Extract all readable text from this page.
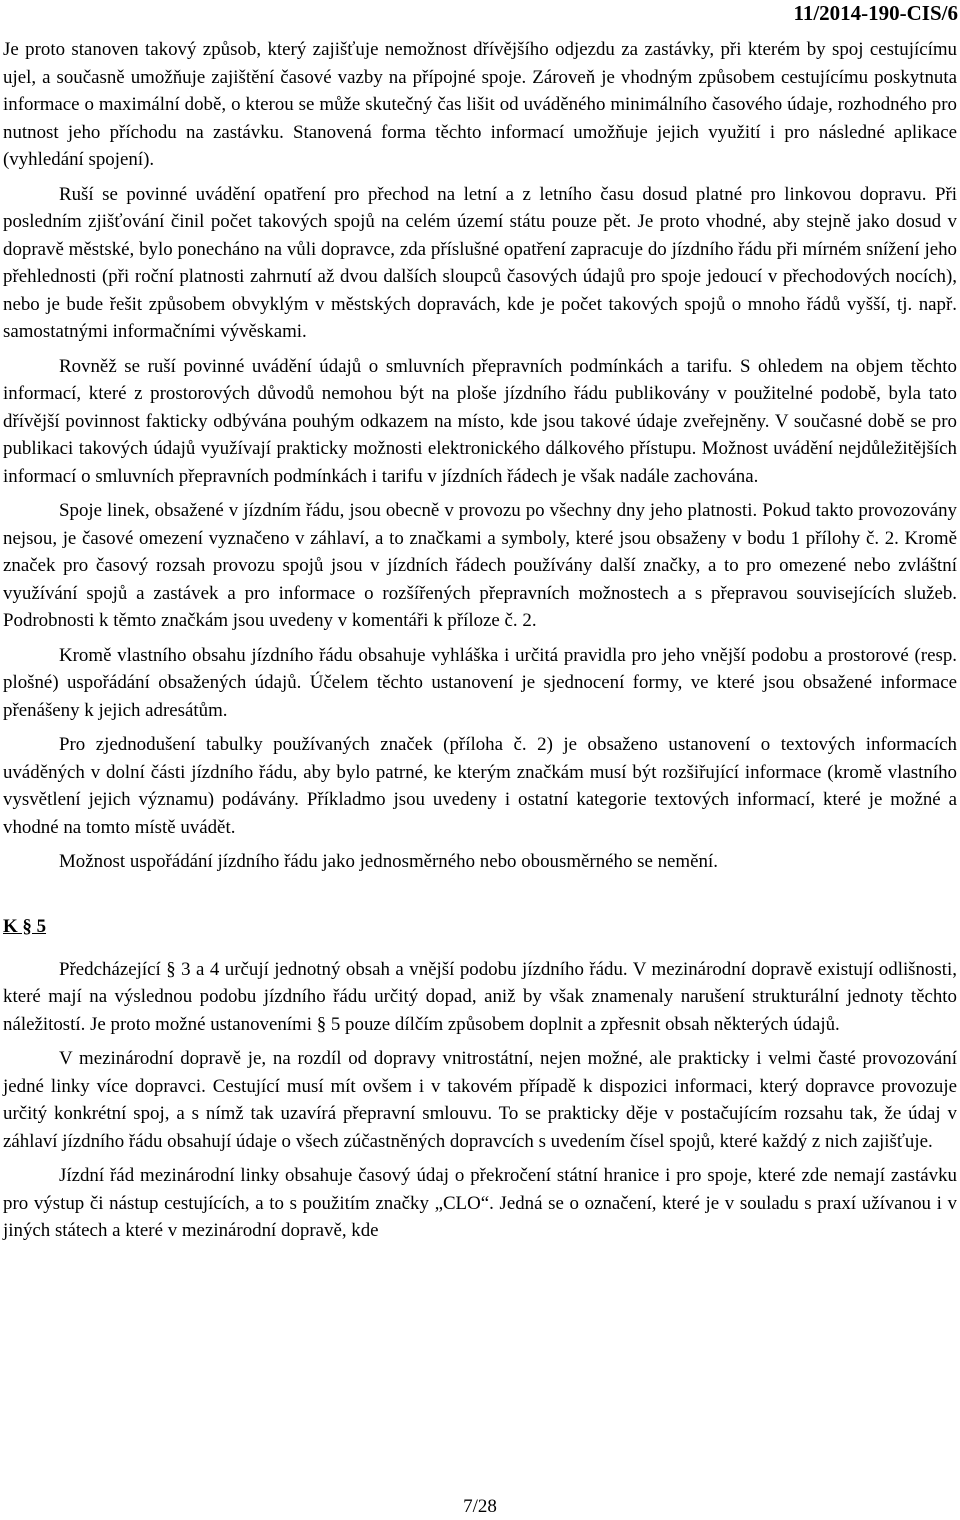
11/2014-190-CIS/6

Je proto stanoven takový způsob, který zajišťuje nemožnost dřívějšího odjezdu za zastávky, při kterém by spoj cestujícímu ujel, a současně umožňuje zajištění časové vazby na přípojné spoje. Zároveň je vhodným způsobem cestujícímu poskytnuta informace o maximální době, o kterou se může skutečný čas lišit od uváděného minimálního časového údaje, rozhodného pro nutnost jeho příchodu na zastávku. Stanovená forma těchto informací umožňuje jejich využití i pro následné aplikace (vyhledání spojení).

Ruší se povinné uvádění opatření pro přechod na letní a z letního času dosud platné pro linkovou dopravu. Při posledním zjišťování činil počet takových spojů na celém území státu pouze pět. Je proto vhodné, aby stejně jako dosud v dopravě městské, bylo ponecháno na vůli dopravce, zda příslušné opatření zapracuje do jízdního řádu při mírném snížení jeho přehlednosti (při roční platnosti zahrnutí až dvou dalších sloupců časových údajů pro spoje jedoucí v přechodových nocích), nebo je bude řešit způsobem obvyklým v městských dopravách, kde je počet takových spojů o mnoho řádů vyšší, tj. např. samostatnými informačními vývěskami.

Rovněž se ruší povinné uvádění údajů o smluvních přepravních podmínkách a tarifu. S ohledem na objem těchto informací, které z prostorových důvodů nemohou být na ploše jízdního řádu publikovány v použitelné podobě, byla tato dřívější povinnost fakticky odbývána pouhým odkazem na místo, kde jsou takové údaje zveřejněny. V současné době se pro publikaci takových údajů využívají prakticky možnosti elektronického dálkového přístupu. Možnost uvádění nejdůležitějších informací o smluvních přepravních podmínkách i tarifu v jízdních řádech je však nadále zachována.

Spoje linek, obsažené v jízdním řádu, jsou obecně v provozu po všechny dny jeho platnosti. Pokud takto provozovány nejsou, je časové omezení vyznačeno v záhlaví, a to značkami a symboly, které jsou obsaženy v bodu 1 přílohy č. 2. Kromě značek pro časový rozsah provozu spojů jsou v jízdních řádech používány další značky, a to pro omezené nebo zvláštní využívání spojů a zastávek a pro informace o rozšířených přepravních možnostech a s přepravou souvisejících služeb. Podrobnosti k těmto značkám jsou uvedeny v komentáři k příloze č. 2.

Kromě vlastního obsahu jízdního řádu obsahuje vyhláška i určitá pravidla pro jeho vnější podobu a prostorové (resp. plošné) uspořádání obsažených údajů. Účelem těchto ustanovení je sjednocení formy, ve které jsou obsažené informace přenášeny k jejich adresátům.

Pro zjednodušení tabulky používaných značek (příloha č. 2) je obsaženo ustanovení o textových informacích uváděných v dolní části jízdního řádu, aby bylo patrné, ke kterým značkám musí být rozšiřující informace (kromě vlastního vysvětlení jejich významu) podávány. Příkladmo jsou uvedeny i ostatní kategorie textových informací, které je možné a vhodné na tomto místě uvádět.

Možnost uspořádání jízdního řádu jako jednosměrného nebo obousměrného se nemění.

K § 5

Předcházející § 3 a 4 určují jednotný obsah a vnější podobu jízdního řádu. V mezinárodní dopravě existují odlišnosti, které mají na výslednou podobu jízdního řádu určitý dopad, aniž by však znamenaly narušení strukturální jednoty těchto náležitostí. Je proto možné ustanoveními § 5 pouze dílčím způsobem doplnit a zpřesnit obsah některých údajů.

V mezinárodní dopravě je, na rozdíl od dopravy vnitrostátní, nejen možné, ale prakticky i velmi časté provozování jedné linky více dopravci. Cestující musí mít ovšem i v takovém případě k dispozici informaci, který dopravce provozuje určitý konkrétní spoj, a s nímž tak uzavírá přepravní smlouvu. To se prakticky děje v postačujícím rozsahu tak, že údaj v záhlaví jízdního řádu obsahují údaje o všech zúčastněných dopravcích s uvedením čísel spojů, které každý z nich zajišťuje.

Jízdní řád mezinárodní linky obsahuje časový údaj o překročení státní hranice i pro spoje, které zde nemají zastávku pro výstup či nástup cestujících, a to s použitím značky „CLO“. Jedná se o označení, které je v souladu s praxí užívanou i v jiných státech a které v mezinárodní dopravě, kde

7/28
